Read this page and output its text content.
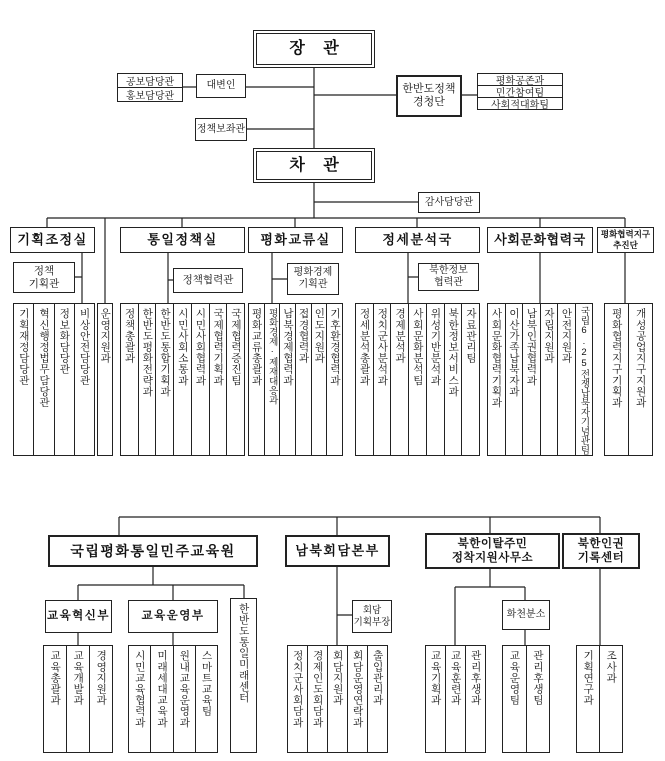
장 관
대변인
공보담당관
홍보담당관
정책보좌관
한반도정책
경청단
평화공존과
민간참여팀
사회적대화팀
차 관
감사담당관
기획조정실	통일정책실	평화교류실	정세분석국	사회문화협력국 평화협력지구
추진단
정책
기획관	정책협력관
평화경제
기획관
북한정보
협력관
기획재정담당관 혁신행정법무담당관 정보화담당관 비상안전담당관 운영지원과 정책총괄과 한반도평화전략과 한반도통합기획과 시민사회소통과 시민사회협력과 국제협력기획과 국제협력증진팀 평화교류총괄과 평화경제·제재대응과 남북경제협력과 접경협력과 인도지원과 기후환경협력과 정세분석총괄과 정치군사분석과 경제분석과 사회문화분석팀 위성기반분석과 북한정보서비스과 자료관리팀 사회문화협력기획과 이산가족납북자과 남북인권협력과 자립지원과 안전지원과 국립6.25전쟁납북자기념관팀 평화협력지구기획과 개성공업지구지원과
국립평화통일민주교육원	남북회담본부	북한이탈주민
정착지원사무소
북한인권
기록센터
교육혁신부	교육운영부	한반도통일미래센터	회담
기획부장
화천분소
교육총괄과 교육개발과 경영지원과	시민교육협력과 미래세대교육과 원내교육운영과 스마트교육팀	정치군사회담과 경제인도회담과 회담지원과 회담운영연락과 출입관리과	교육기획과 교육훈련과 관리후생과	교육운영팀 관리후생팀	기획연구과 조사과
